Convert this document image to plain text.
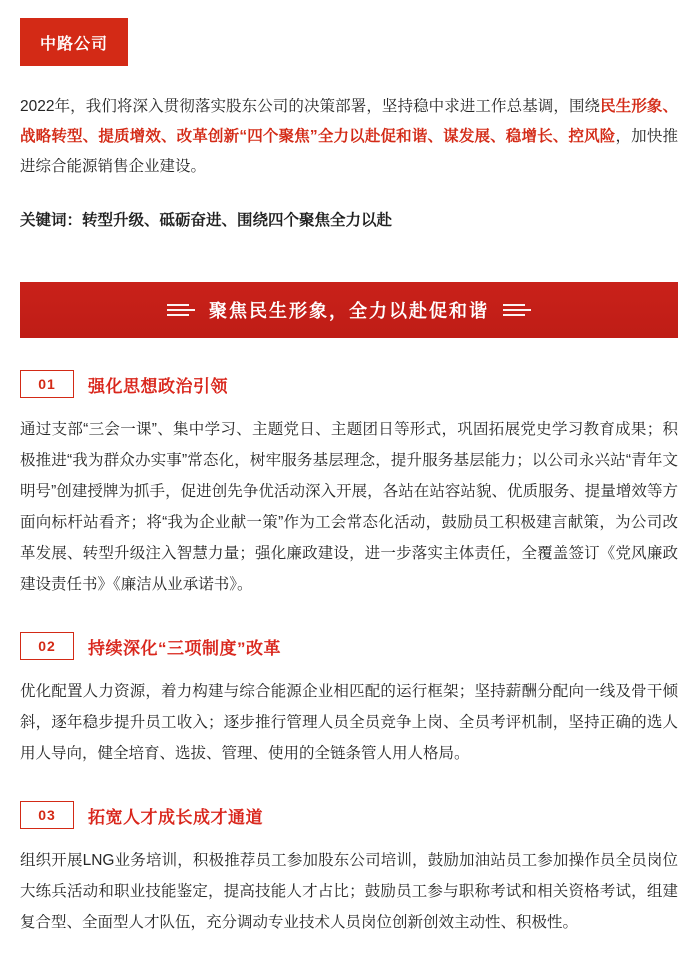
中路公司

2022年，我们将深入贯彻落实股东公司的决策部署，坚持稳中求进工作总基调，围绕民生形象、战略转型、提质增效、改革创新“四个聚焦”全力以赴促和谐、谋发展、稳增长、控风险，加快推进综合能源销售企业建设。

关键词：转型升级、砥砺奋进、围绕四个聚焦全力以赴

聚焦民生形象，全力以赴促和谐
01	强化思想政治引领

通过支部“三会一课”、集中学习、主题党日、主题团日等形式，巩固拓展党史学习教育成果；积极推进“我为群众办实事”常态化，树牢服务基层理念，提升服务基层能力；以公司永兴站“青年文明号”创建授牌为抓手，促进创先争优活动深入开展，各站在站容站貌、优质服务、提量增效等方面向标杆站看齐；将“我为企业献一策”作为工会常态化活动，鼓励员工积极建言献策，为公司改革发展、转型升级注入智慧力量；强化廉政建设，进一步落实主体责任，全覆盖签订《党风廉政建设责任书》《廉洁从业承诺书》。

02	持续深化“三项制度”改革

优化配置人力资源，着力构建与综合能源企业相匹配的运行框架；坚持薪酬分配向一线及骨干倾斜，逐年稳步提升员工收入；逐步推行管理人员全员竞争上岗、全员考评机制，坚持正确的选人用人导向，健全培育、选拔、管理、使用的全链条管人用人格局。

03	拓宽人才成长成才通道

组织开展LNG业务培训，积极推荐员工参加股东公司培训，鼓励加油站员工参加操作员全员岗位大练兵活动和职业技能鉴定，提高技能人才占比；鼓励员工参与职称考试和相关资格考试，组建复合型、全面型人才队伍，充分调动专业技术人员岗位创新创效主动性、积极性。
